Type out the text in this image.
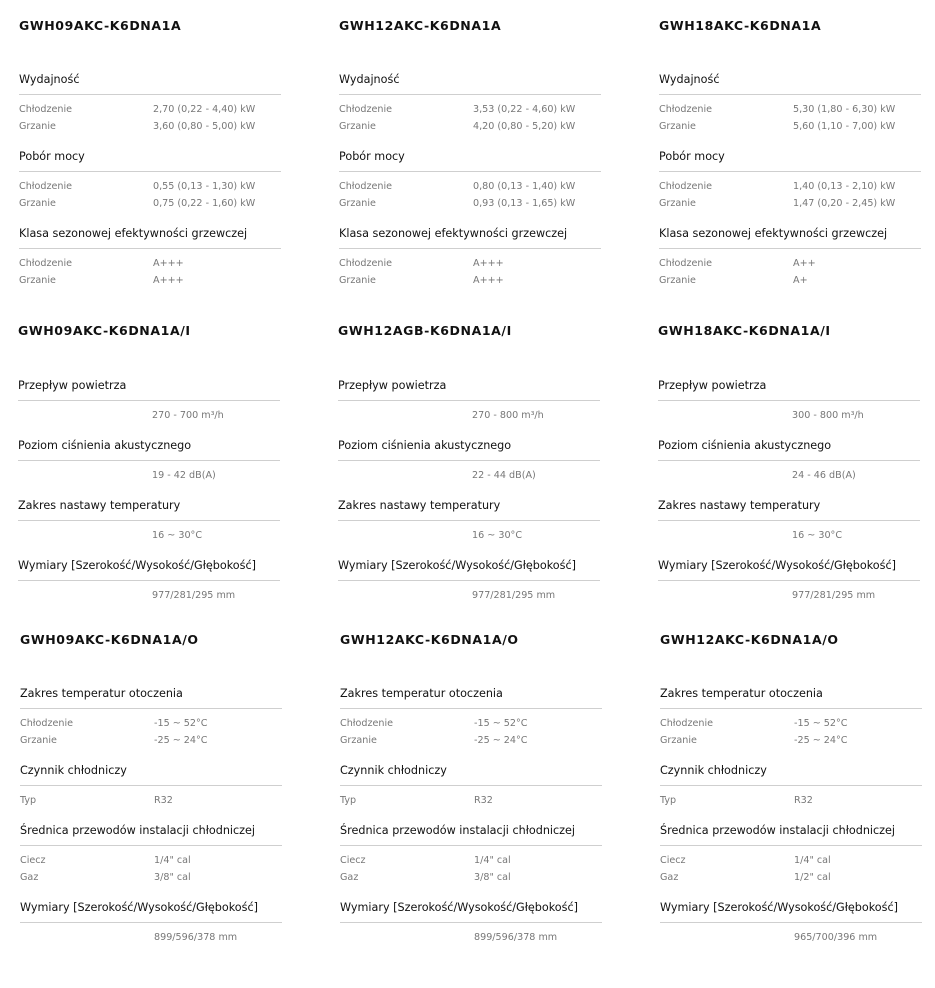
GWH09AKC-K6DNA1A
Wydajność
Chłodzenie	2,70 (0,22 - 4,40) kW
Grzanie	3,60 (0,80 - 5,00) kW
Pobór mocy
Chłodzenie	0,55 (0,13 - 1,30) kW
Grzanie	0,75 (0,22 - 1,60) kW
Klasa sezonowej efektywności grzewczej
Chłodzenie	A+++
Grzanie	A+++
GWH12AKC-K6DNA1A
Wydajność
Chłodzenie	3,53 (0,22 - 4,60) kW
Grzanie	4,20 (0,80 - 5,20) kW
Pobór mocy
Chłodzenie	0,80 (0,13 - 1,40) kW
Grzanie	0,93 (0,13 - 1,65) kW
Klasa sezonowej efektywności grzewczej
Chłodzenie	A+++
Grzanie	A+++
GWH18AKC-K6DNA1A
Wydajność
Chłodzenie	5,30 (1,80 - 6,30) kW
Grzanie	5,60 (1,10 - 7,00) kW
Pobór mocy
Chłodzenie	1,40 (0,13 - 2,10) kW
Grzanie	1,47 (0,20 - 2,45) kW
Klasa sezonowej efektywności grzewczej
Chłodzenie	A++
Grzanie	A+
GWH09AKC-K6DNA1A/I
Przepływ powietrza
270 - 700 m³/h
Poziom ciśnienia akustycznego
19 - 42 dB(A)
Zakres nastawy temperatury
16 ~ 30°C
Wymiary [Szerokość/Wysokość/Głębokość]
977/281/295 mm
GWH12AGB-K6DNA1A/I
Przepływ powietrza
270 - 800 m³/h
Poziom ciśnienia akustycznego
22 - 44 dB(A)
Zakres nastawy temperatury
16 ~ 30°C
Wymiary [Szerokość/Wysokość/Głębokość]
977/281/295 mm
GWH18AKC-K6DNA1A/I
Przepływ powietrza
300 - 800 m³/h
Poziom ciśnienia akustycznego
24 - 46 dB(A)
Zakres nastawy temperatury
16 ~ 30°C
Wymiary [Szerokość/Wysokość/Głębokość]
977/281/295 mm
GWH09AKC-K6DNA1A/O
Zakres temperatur otoczenia
Chłodzenie	-15 ~ 52°C
Grzanie	-25 ~ 24°C
Czynnik chłodniczy
Typ	R32
Średnica przewodów instalacji chłodniczej
Ciecz	1/4" cal
Gaz	3/8" cal
Wymiary [Szerokość/Wysokość/Głębokość]
899/596/378 mm
GWH12AKC-K6DNA1A/O
Zakres temperatur otoczenia
Chłodzenie	-15 ~ 52°C
Grzanie	-25 ~ 24°C
Czynnik chłodniczy
Typ	R32
Średnica przewodów instalacji chłodniczej
Ciecz	1/4" cal
Gaz	3/8" cal
Wymiary [Szerokość/Wysokość/Głębokość]
899/596/378 mm
GWH12AKC-K6DNA1A/O
Zakres temperatur otoczenia
Chłodzenie	-15 ~ 52°C
Grzanie	-25 ~ 24°C
Czynnik chłodniczy
Typ	R32
Średnica przewodów instalacji chłodniczej
Ciecz	1/4" cal
Gaz	1/2" cal
Wymiary [Szerokość/Wysokość/Głębokość]
965/700/396 mm
